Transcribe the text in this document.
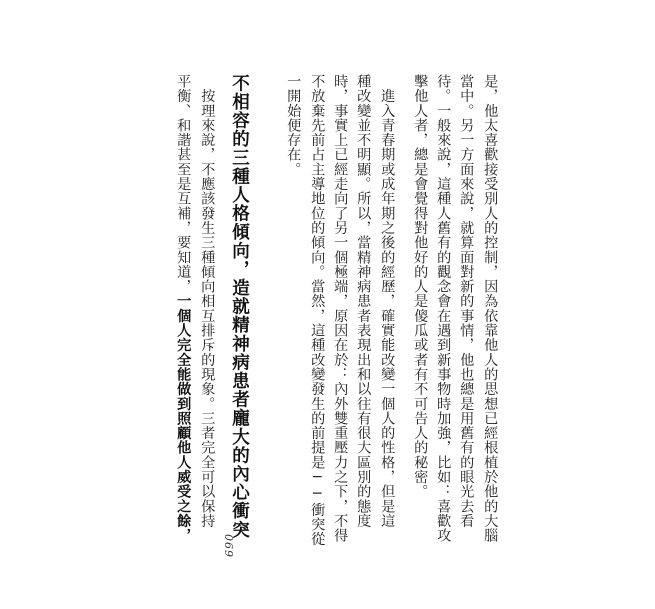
是，他太喜歡接受別人的控制，因為依靠他人的思想已經根植於他的大腦
當中。另一方面來說，就算面對新的事情，他也總是用舊有的眼光去看
待。一般來說，這種人舊有的觀念會在遇到新事物時加強，比如：喜歡攻
擊他人者，總是會覺得對他好的人是傻瓜或者有不可告人的秘密。
　進入青春期或成年期之後的經歷，確實能改變一個人的性格，但是這
種改變並不明顯。所以，當精神病患者表現出和以往有很大區別的態度
時，事實上已經走向了另一個極端，原因在於：內外雙重壓力之下，不得
不放棄先前占主導地位的傾向。當然，這種改變發生的前提是──衝突從
一開始便存在。
不相容的三種人格傾向，造就精神病患者龐大的內心衝突
　按理來說，不應該發生三種傾向相互排斥的現象。三者完全可以保持
平衡、和諧甚至是互補，要知道，一個人完全能做到照顧他人威受之餘，
069
